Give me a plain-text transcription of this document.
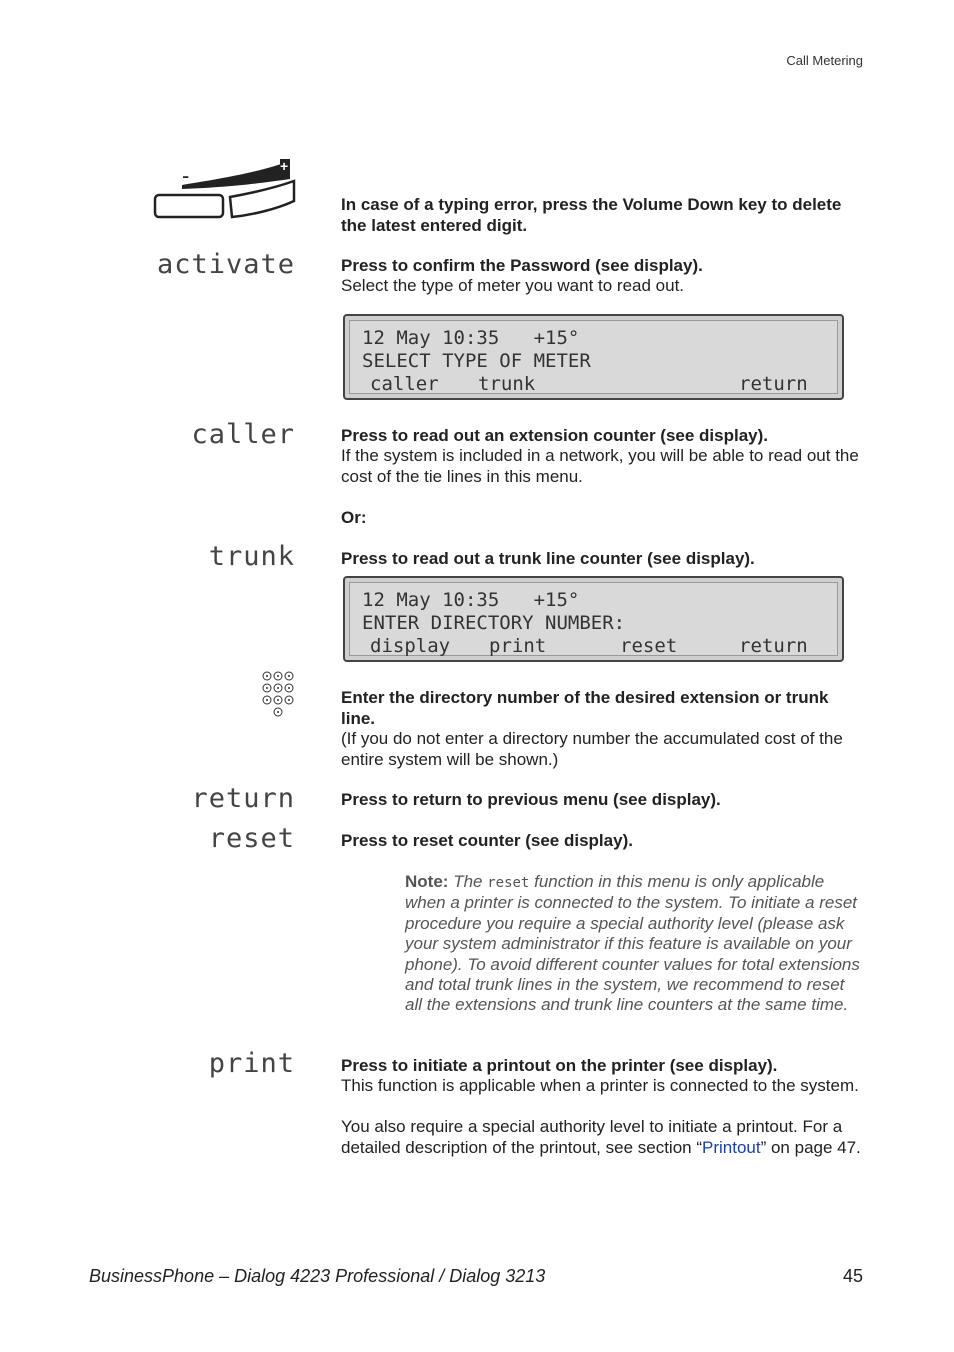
Call Metering
+
-
In case of a typing error, press the Volume Down key to delete the latest entered digit.
activate	Press to confirm the Password (see display).
Select the type of meter you want to read out.
12 May 10:35   +15°
SELECT TYPE OF METER
caller trunk	return
caller	Press to read out an extension counter (see display).
If the system is included in a network, you will be able to read out the cost of the tie lines in this menu.
Or:
trunk	Press to read out a trunk line counter (see display).
12 May 10:35   +15°
ENTER DIRECTORY NUMBER:
display print	reset	return
Enter the directory number of the desired extension or trunk line.
(If you do not enter a directory number the accumulated cost of the entire system will be shown.)
return	Press to return to previous menu (see display).
reset	Press to reset counter (see display).
Note: The reset function in this menu is only applicable when a printer is connected to the system. To initiate a reset procedure you require a special authority level (please ask your system administrator if this feature is available on your phone). To avoid different counter values for total extensions and total trunk lines in the system, we recommend to reset all the extensions and trunk line counters at the same time.
print	Press to initiate a printout on the printer (see display).
This function is applicable when a printer is connected to the system.
You also require a special authority level to initiate a printout. For a detailed description of the printout, see section “Printout” on page 47.
BusinessPhone – Dialog 4223 Professional / Dialog 3213	45
